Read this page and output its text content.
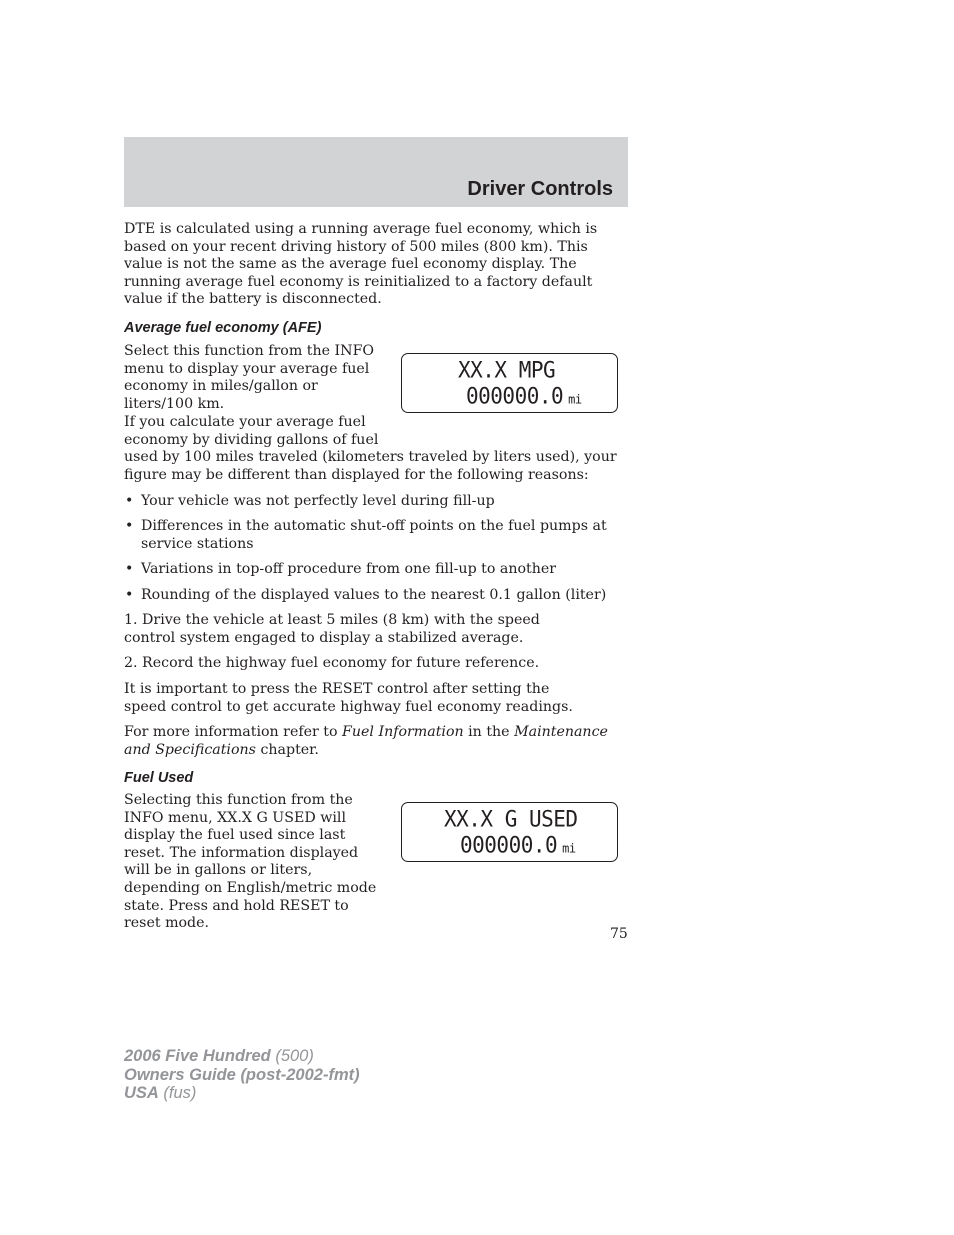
Driver Controls

DTE is calculated using a running average fuel economy, which is based on your recent driving history of 500 miles (800 km). This value is not the same as the average fuel economy display. The running average fuel economy is reinitialized to a factory default value if the battery is disconnected.

Average fuel economy (AFE)

Select this function from the INFO menu to display your average fuel economy in miles/gallon or liters/100 km.

XX.X MPG
000000.0 mi

If you calculate your average fuel
economy by dividing gallons of fuel
used by 100 miles traveled (kilometers traveled by liters used), your figure may be different than displayed for the following reasons:

• Your vehicle was not perfectly level during fill-up

• Differences in the automatic shut-off points on the fuel pumps at service stations

• Variations in top-off procedure from one fill-up to another

• Rounding of the displayed values to the nearest 0.1 gallon (liter)

1. Drive the vehicle at least 5 miles (8 km) with the speed control system engaged to display a stabilized average.

2. Record the highway fuel economy for future reference.

It is important to press the RESET control after setting the speed control to get accurate highway fuel economy readings.

For more information refer to Fuel Information in the Maintenance and Specifications chapter.

Fuel Used

Selecting this function from the INFO menu, XX.X G USED will display the fuel used since last reset. The information displayed will be in gallons or liters, depending on English/metric mode state. Press and hold RESET to reset mode.

XX.X G USED
000000.0 mi
75
2006 Five Hundred (500)
Owners Guide (post-2002-fmt)
USA (fus)
